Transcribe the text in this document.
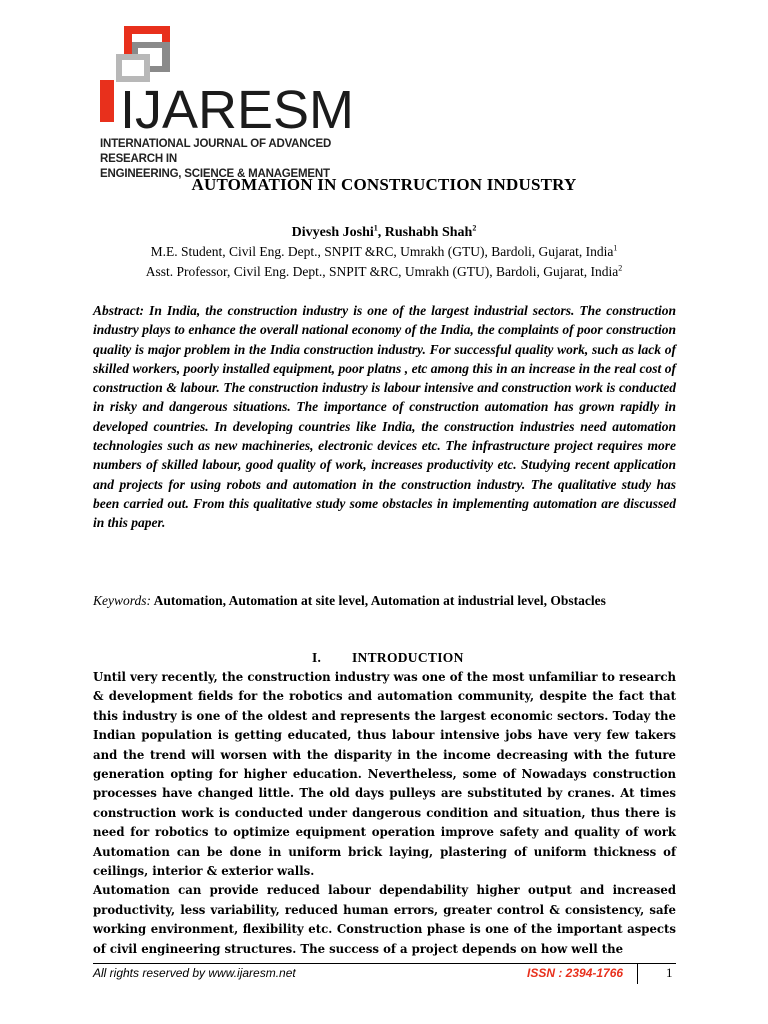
IJARESM
INTERNATIONAL JOURNAL OF ADVANCED RESEARCH IN
ENGINEERING, SCIENCE & MANAGEMENT
AUTOMATION IN CONSTRUCTION INDUSTRY
Divyesh Joshi$^1$, Rushabh Shah$^2$
M.E. Student, Civil Eng. Dept., SNPIT &RC, Umrakh (GTU), Bardoli, Gujarat, India$^1$
Asst. Professor, Civil Eng. Dept., SNPIT &RC, Umrakh (GTU), Bardoli, Gujarat, India$^2$
Abstract: In India, the construction industry is one of the largest industrial sectors. The construction industry plays to enhance the overall national economy of the India, the complaints of poor construction quality is major problem in the India construction industry. For successful quality work, such as lack of skilled workers, poorly installed equipment, poor platns , etc among this in an increase in the real cost of construction & labour. The construction industry is labour intensive and construction work is conducted in risky and dangerous situations. The importance of construction automation has grown rapidly in developed countries. In developing countries like India, the construction industries need automation technologies such as new machineries, electronic devices etc. The infrastructure project requires more numbers of skilled labour, good quality of work, increases productivity etc. Studying recent application and projects for using robots and automation in the construction industry. The qualitative study has been carried out. From this qualitative study some obstacles in implementing automation are discussed in this paper.
Keywords: Automation, Automation at site level, Automation at industrial level, Obstacles
I. INTRODUCTION

Until very recently, the construction industry was one of the most unfamiliar to research & development fields for the robotics and automation community, despite the fact that this industry is one of the oldest and represents the largest economic sectors. Today the Indian population is getting educated, thus labour intensive jobs have very few takers and the trend will worsen with the disparity in the income decreasing with the future generation opting for higher education. Nevertheless, some of Nowadays construction processes have changed little. The old days pulleys are substituted by cranes. At times construction work is conducted under dangerous condition and situation, thus there is need for robotics to optimize equipment operation improve safety and quality of work Automation can be done in uniform brick laying, plastering of uniform thickness of ceilings, interior & exterior walls.

Automation can provide reduced labour dependability higher output and increased productivity, less variability, reduced human errors, greater control & consistency, safe working environment, flexibility etc. Construction phase is one of the important aspects of civil engineering structures. The success of a project depends on how well the

All rights reserved by www.ijaresm.net	ISSN : 2394-1766	1
